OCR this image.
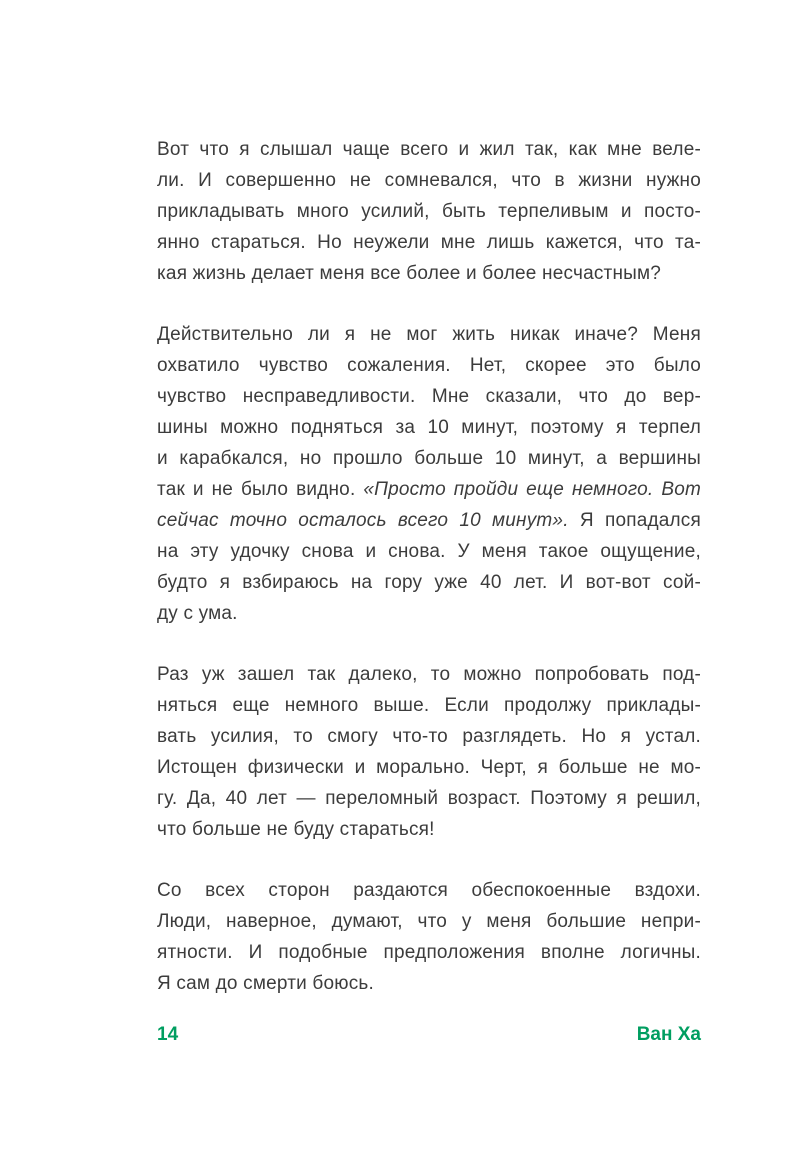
Вот что я слышал чаще всего и жил так, как мне веле-
ли. И совершенно не сомневался, что в жизни нужно
прикладывать много усилий, быть терпеливым и посто-
янно стараться. Но неужели мне лишь кажется, что та-
кая жизнь делает меня все более и более несчастным?
Действительно ли я не мог жить никак иначе? Меня
охватило чувство сожаления. Нет, скорее это было
чувство несправедливости. Мне сказали, что до вер-
шины можно подняться за 10 минут, поэтому я терпел
и карабкался, но прошло больше 10 минут, а вершины
так и не было видно. «Просто пройди еще немного. Вот
сейчас точно осталось всего 10 минут». Я попадался
на эту удочку снова и снова. У меня такое ощущение,
будто я взбираюсь на гору уже 40 лет. И вот-вот сой-
ду с ума.
Раз уж зашел так далеко, то можно попробовать под-
няться еще немного выше. Если продолжу приклады-
вать усилия, то смогу что-то разглядеть. Но я устал.
Истощен физически и морально. Черт, я больше не мо-
гу. Да, 40 лет — переломный возраст. Поэтому я решил,
что больше не буду стараться!
Со всех сторон раздаются обеспокоенные вздохи.
Люди, наверное, думают, что у меня большие непри-
ятности. И подобные предположения вполне логичны.
Я сам до смерти боюсь.
14	Ван Ха
